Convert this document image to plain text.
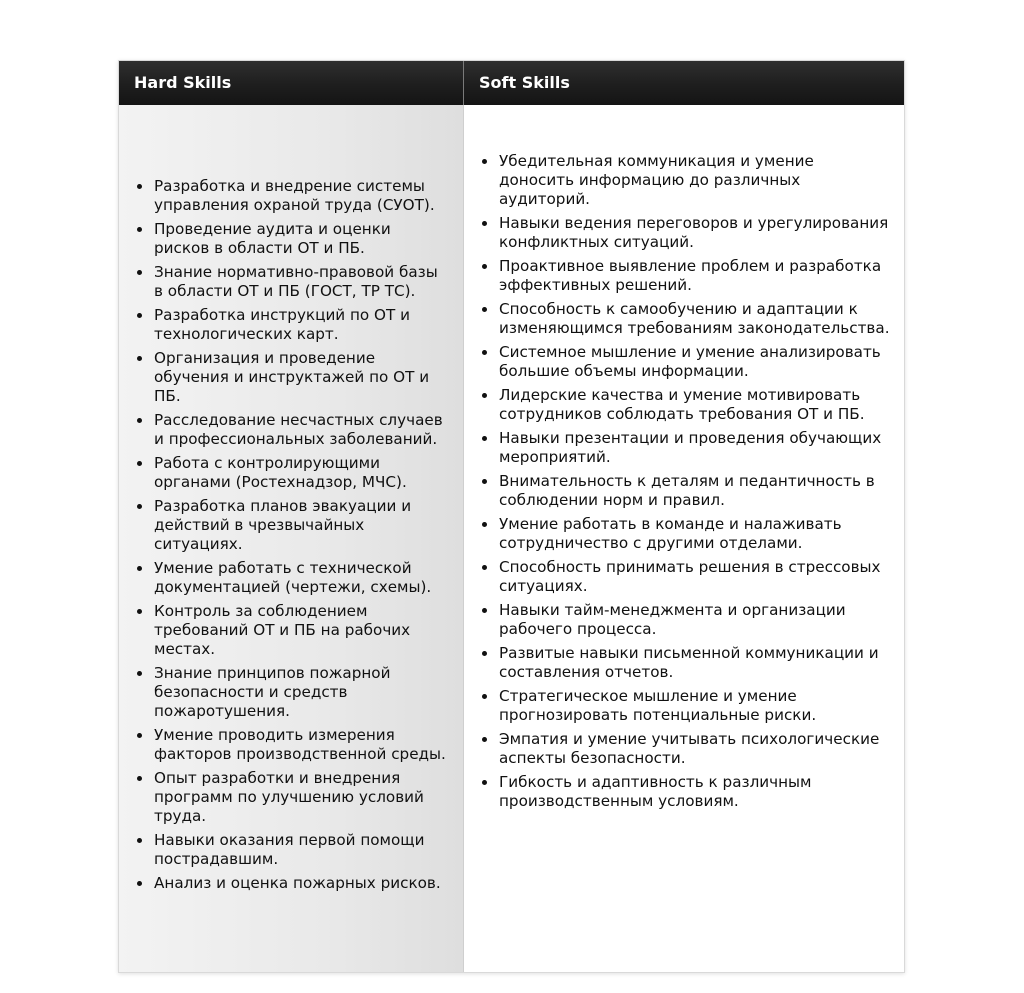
Hard Skills	Soft Skills
Разработка и внедрение системы управления охраной труда (СУОТ).
Проведение аудита и оценки рисков в области ОТ и ПБ.
Знание нормативно-правовой базы в области ОТ и ПБ (ГОСТ, ТР ТС).
Разработка инструкций по ОТ и технологических карт.
Организация и проведение обучения и инструктажей по ОТ и ПБ.
Расследование несчастных случаев и профессиональных заболеваний.
Работа с контролирующими органами (Ростехнадзор, МЧС).
Разработка планов эвакуации и действий в чрезвычайных ситуациях.
Умение работать с технической документацией (чертежи, схемы).
Контроль за соблюдением требований ОТ и ПБ на рабочих местах.
Знание принципов пожарной безопасности и средств пожаротушения.
Умение проводить измерения факторов производственной среды.
Опыт разработки и внедрения программ по улучшению условий труда.
Навыки оказания первой помощи пострадавшим.
Анализ и оценка пожарных рисков.
Убедительная коммуникация и умение доносить информацию до различных аудиторий.
Навыки ведения переговоров и урегулирования конфликтных ситуаций.
Проактивное выявление проблем и разработка эффективных решений.
Способность к самообучению и адаптации к изменяющимся требованиям законодательства.
Системное мышление и умение анализировать большие объемы информации.
Лидерские качества и умение мотивировать сотрудников соблюдать требования ОТ и ПБ.
Навыки презентации и проведения обучающих мероприятий.
Внимательность к деталям и педантичность в соблюдении норм и правил.
Умение работать в команде и налаживать сотрудничество с другими отделами.
Способность принимать решения в стрессовых ситуациях.
Навыки тайм-менеджмента и организации рабочего процесса.
Развитые навыки письменной коммуникации и составления отчетов.
Стратегическое мышление и умение прогнозировать потенциальные риски.
Эмпатия и умение учитывать психологические аспекты безопасности.
Гибкость и адаптивность к различным производственным условиям.
